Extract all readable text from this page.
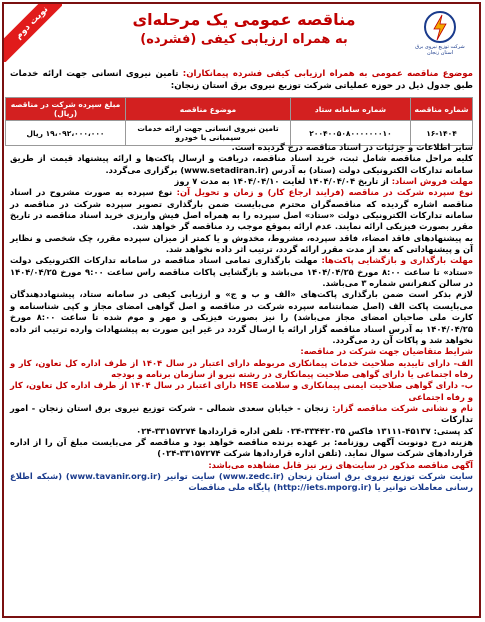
نوبت دوم	مناقصه عمومی یک مرحله‌ای
به همراه ارزیابی کیفی (فشرده)	شرکت توزیع نیروی برق استان زنجان
موضوع مناقصه عمومی به همراه ارزیابی کیفی فشرده پیمانکاران: تامین نیروی انسانی جهت ارائه خدمات طبق جدول ذیل در حوزه عملیاتی شرکت توزیع نیروی برق استان زنجان:
شماره مناقصه	شماره سامانه ستاد	موضوع مناقصه	مبلغ سپرده شرکت در مناقصه (ریال)
۱۶-۱۴۰۴	۲۰۰۴۰۰۵۰۸۰۰۰۰۰۰۰۱۰	تامین نیروی انسانی جهت ارائه خدمات سیمبانی با خودرو	۱۹،۰۹۲،۰۰۰،۰۰۰ ریال

سایر اطلاعات و جزئیات در اسناد مناقصه درج گردیده است.

کلیه مراحل مناقصه شامل ثبت، خرید اسناد مناقصه، دریافت و ارسال پاکت‌ها و ارائه پیشنهاد قیمت از طریق سامانه تدارکات الکترونیکی دولت (ستاد) به آدرس (www.setadiran.ir) برگزاری می‌گردد.

مهلت فروش اسناد: از تاریخ ۱۴۰۴/۰۴/۰۴ لغایت ۱۴۰۴/۰۴/۱۰ به مدت ۷ روز

نوع سپرده شرکت در مناقصه (فرایند ارجاع کار) و زمان و تحویل آن: نوع سپرده به صورت مشروح در اسناد مناقصه اشاره گردیده که مناقصه‌گران محترم می‌بایست ضمن بارگذاری تصویر سپرده شرکت در مناقصه در سامانه تدارکات الکترونیکی دولت «ستاد» اصل سپرده را به همراه اصل فیش واریزی خرید اسناد مناقصه در تاریخ مقرر بصورت فیزیکی ارائه نمایند. عدم ارائه بموقع موجب رد مناقصه گر خواهد شد.

به پیشنهادهای فاقد امضاء، فاقد سپرده، مشروط، مخدوش و یا کمتر از میزان سپرده مقرر، چک شخصی و نظایر آن و پیشنهاداتی که بعد از مدت مقرر ارائه گردد، ترتیب اثر داده نخواهد شد.

مهلت بارگذاری و بازگشایی پاکت‌ها: مهلت بارگذاری تمامی اسناد مناقصه در سامانه تدارکات الکترونیکی دولت «ستاد» تا ساعت ۸:۰۰ مورخ ۱۴۰۴/۰۴/۲۵ می‌باشد و بازگشایی پاکات مناقصه راس ساعت ۹:۰۰ مورخ ۱۴۰۴/۰۴/۲۵ در سالن کنفرانس شماره ۳ می‌باشد.

لازم بذکر است ضمن بارگذاری پاکت‌های «الف و ب و ج» و ارزیابی کیفی در سامانه ستاد، پیشنهاد‌دهندگان می‌بایست پاکت الف (اصل ضمانتنامه سپرده شرکت در مناقصه و اصل گواهی امضای مجاز و کپی شناسنامه و کارت ملی صاحبان امضای مجاز می‌باشد) را نیز بصورت فیزیکی و مهر و موم شده تا ساعت ۸:۰۰ مورخ ۱۴۰۴/۰۴/۲۵ به آدرس اسناد مناقصه گزار ارائه یا ارسال گردد در غیر این صورت به پیشنهادات وارده ترتیب اثر داده نخواهد شد و پاکات آن رد می‌گردد.

شرایط متقاضیان جهت شرکت در مناقصه:

الف- دارای تاییدیه صلاحیت خدمات پیمانکاری مربوطه دارای اعتبار در سال ۱۴۰۴ از طرف اداره کل تعاون، کار و رفاه اجتماعی یا دارای گواهی صلاحیت پیمانکاری در رشته نیرو از سازمان برنامه و بودجه

ب- دارای گواهی صلاحیت ایمنی پیمانکاری و سلامت HSE دارای اعتبار در سال ۱۴۰۴ از طرف اداره کل تعاون، کار و رفاه اجتماعی

نام و نشانی شرکت مناقصه گزار: زنجان - خیابان سعدی شمالی - شرکت توزیع نیروی برق استان زنجان - امور تدارکات

کد پستی: ۴۵۱۳۷-۱۳۱۱۱ فاکس ۳۳۴۴۲۰۳۵-۰۲۴ تلفن اداره قراردادها ۳۳۱۵۷۲۷۴-۰۲۴

هزینه درج دونوبت آگهی روزنامه: بر عهده برنده مناقصه خواهد بود و مناقصه گر می‌بایست مبلغ آن را از اداره قراردادهای شرکت سوال نماید. (تلفن اداره قراردادها شرکت ۳۳۱۵۷۲۷۴-۰۲۴)

آگهی مناقصه مذکور در سایت‌های زیر نیز قابل مشاهده می‌باشد:

سایت شرکت توزیع نیروی برق استان زنجان (www.zedc.ir) سایت توانیر (www.tavanir.org.ir) (شبکه اطلاع رسانی معاملات توانیر یا (http://iets.mporg.ir) پایگاه ملی مناقصات
